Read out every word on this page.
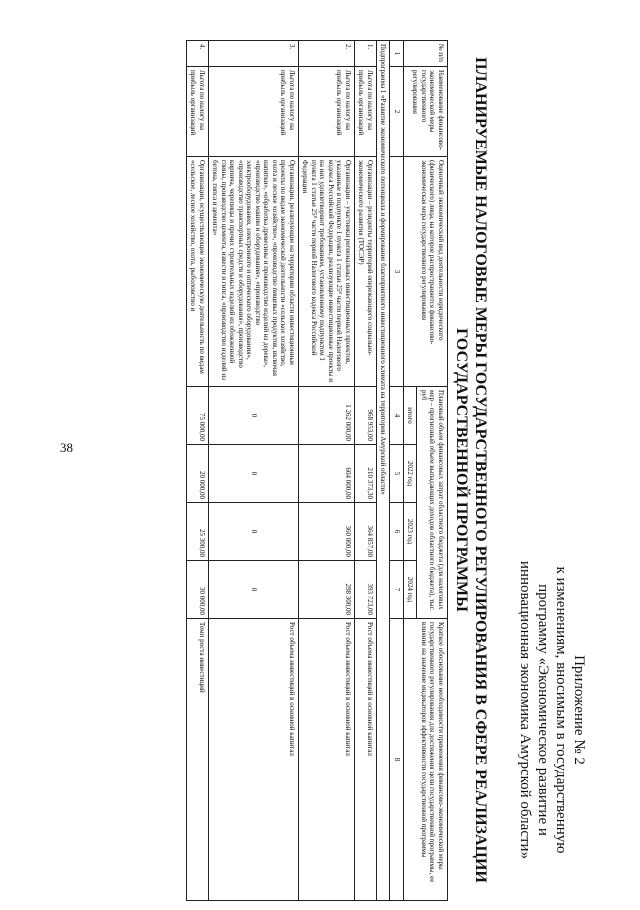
38
Приложение № 2
к изменениям, вносимым в государственную
программу «Экономическое развитие и
инновационная экономика Амурской области»
ПЛАНИРУЕМЫЕ НАЛОГОВЫЕ МЕРЫ ГОСУДАРСТВЕННОГО РЕГУЛИРОВАНИЯ В СФЕРЕ РЕАЛИЗАЦИИ
ГОСУДАРСТВЕННОЙ ПРОГРАММЫ
№ п/п	Наименование финансово-экономической меры государственного регулирования	Оценочный экономический вид деятельности юридического (физического) лица, на которое распространяется финансово-экономическая мера государственного регулирования	Плановый объем финансовых затрат областного бюджета (для налоговых мер – прогнозный объем выпадающих доходов областного бюджета), тыс. руб				Краткое обоснование необходимости применения финансово-экономической меры государственного регулирования для достижения цели государственной программы, ее влияние на значение индикаторов эффективности государственной программы
			итого	2022 год	2023 год	2024 год	
1	2	3	4	5	6	7	8
Подпрограмма 1 «Развитие экономического потенциала и формирование благоприятного инвестиционного климата на территории Амурской области»							
1.	Льгота по налогу на прибыль организаций	Организации – резиденты территорий опережающего социально-экономического развития (ТОСЭР)	968 953,00	210 373,30	364 857,00	393 723,00	Рост объема инвестиций в основной капитал
2.	Льгота по налогу на прибыль организаций	Организации – участники региональных инвестиционных проектов, указанные в подпункте 1 пункта 1 статьи 25⁸ части первой Налогового кодекса Российской Федерации, реализующие инвестиционные проекты и на них удовлетворяют требованиям, установленному подпунктом 1 пункта 1 статьи 25⁸ части первой Налогового кодекса Российской Федерации	1 262 000,00	604 000,00	360 000,00	298 300,00	Рост объема инвестиций в основной капитал
3.	Льгота по налогу на прибыль организаций	Организации, реализующие на территории области инвестиционные проекты по видам экономической деятельности «сельское хозяйство, охота и лесное хозяйство», «производство пищевых продуктов, включая напитки», «обработка древесины и производство изделий из дерева», «производство машин и оборудования», «производство электрооборудования, электронного и оптического оборудования», «производство транспортных средств и оборудования», производство кирпича, черепицы и прочих строительных изделий из обожженной глины, производство цемента, извести и гипса, «производство изделий из бетона, гипса и цемента»	0	0	0	0	Рост объема инвестиций в основной капитал
4.	Льгота по налогу на прибыль организаций	Организации, осуществляющие экономическую деятельность по видам «сельское, лесное хозяйство, охота, рыболовство и	75 000,00	20 000,00	25 300,00	30 000,00	Темп роста инвестиций
